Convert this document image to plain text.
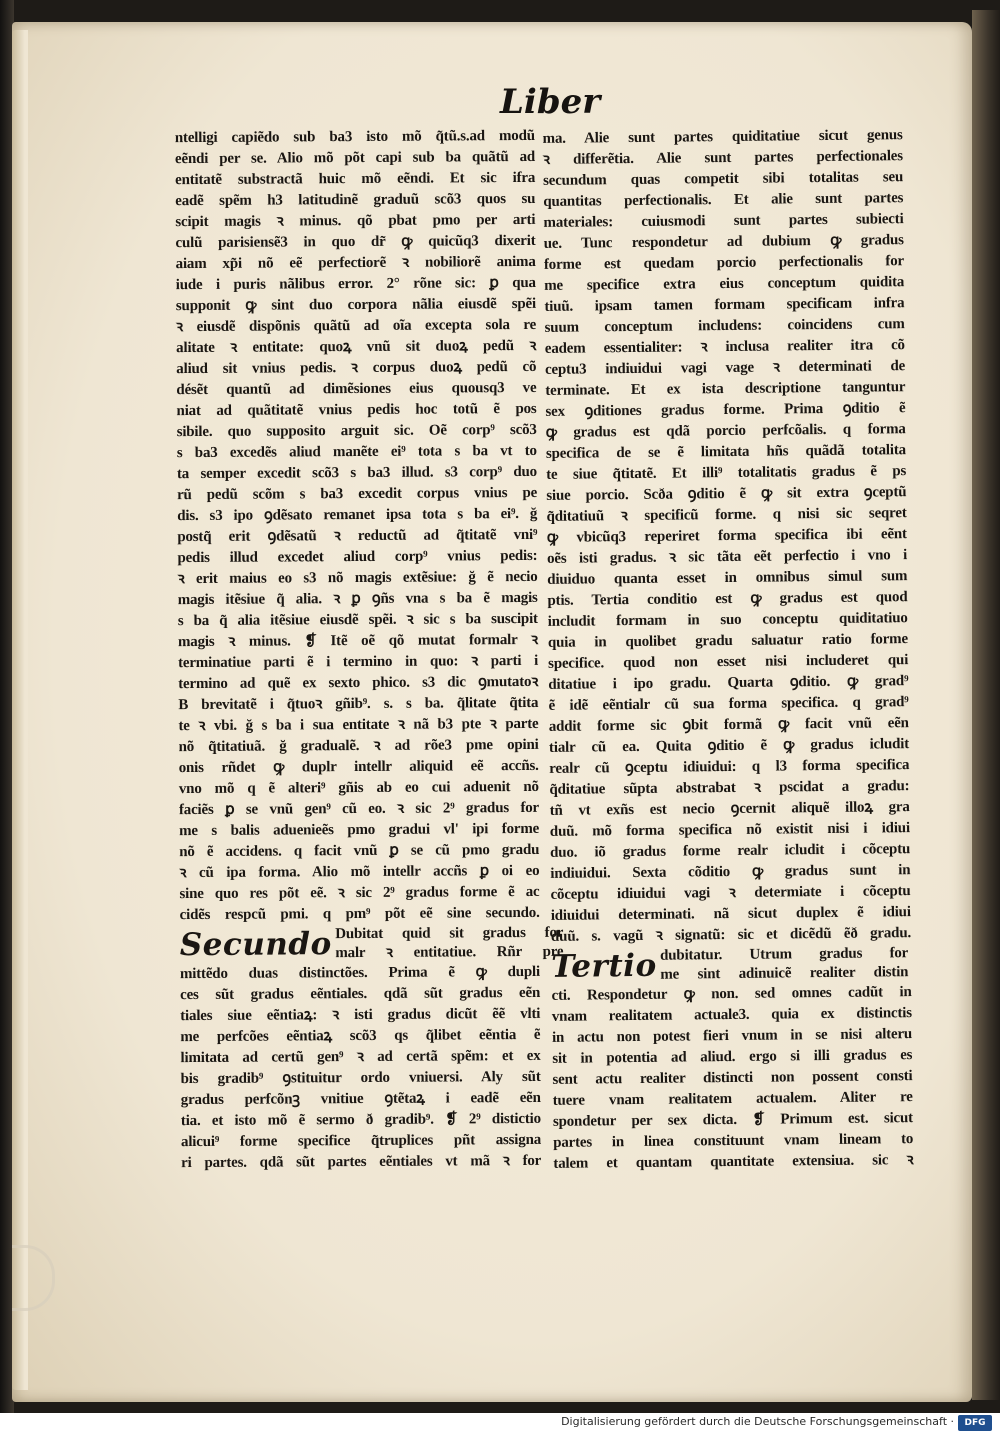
Liber
ntelligi capiẽdo sub ba3 isto mõ q̃tũ.s.ad modũ
eẽndi per se. Alio mõ põt capi sub ba quãtũ ad
entitatẽ substractã huic mõ eẽndi. Et sic ifra
eadẽ spẽm h3 latitudinẽ graduũ scõ3 quos su
scipit magis ꝛ minus. qõ pbat pmo per arti
culũ parisiensẽ3 in quo dr̃ ꝙ quicũq3 dixerit
aiam xp̃i nõ eẽ perfectiorẽ ꝛ nobiliorẽ anima
iude i puris nãlibus error. 2° rõne sic: ꝑ qua
supponit ꝙ sint duo corpora nãlia eiusdẽ spẽi
ꝛ eiusdẽ dispõnis quãtũ ad oĩa excepta sola re
alitate ꝛ entitate: quoꝝ vnũ sit duoꝝ pedũ ꝛ
aliud sit vnius pedis. ꝛ corpus duoꝝ pedũ cõ
désẽt quantũ ad dimẽsiones eius quousq3 ve
niat ad quãtitatẽ vnius pedis hoc totũ ẽ pos
sibile. quo supposito arguit sic. Oẽ corp⁹ scõ3
s ba3 excedẽs aliud manẽte ei⁹ tota s ba vt to
ta semper excedit scõ3 s ba3 illud. s3 corp⁹ duo
rũ pedũ scõm s ba3 excedit corpus vnius pe
dis. s3 ipo ꝯdẽsato remanet ipsa tota s ba ei⁹. ğ
postq̃ erit ꝯdẽsatũ ꝛ reductũ ad q̃titatẽ vni⁹
pedis illud excedet aliud corp⁹ vnius pedis:
ꝛ erit maius eo s3 nõ magis extẽsiue: ğ ẽ necio
magis itẽsiue q̃ alia. ꝛ ꝑ ꝯñs vna s ba ẽ magis
s ba q̃ alia itẽsiue eiusdẽ spẽi. ꝛ sic s ba suscipit
magis ꝛ minus. ❡ Itẽ oẽ qõ mutat formalr ꝛ
terminatiue parti ẽ i termino in quo: ꝛ parti i
termino ad quẽ ex sexto phico. s3 dic ꝯmutatoꝛ
B brevitatẽ i q̃tuoꝛ gñib⁹. s. s ba. q̃litate q̃tita
te ꝛ vbi. ğ s ba i sua entitate ꝛ nã b3 pte ꝛ parte
nõ q̃titatiuã. ğ gradualẽ. ꝛ ad rõe3 pme opini
onis rñdet ꝙ duplr intellr aliquid eẽ accñs.
vno mõ q ẽ alteri⁹ gñis ab eo cui aduenit nõ
faciẽs ꝑ se vnũ gen⁹ cũ eo. ꝛ sic 2⁹ gradus for
me s balis aduenieẽs pmo gradui vl' ipi forme
nõ ẽ accidens. q facit vnũ ꝑ se cũ pmo gradu
ꝛ cũ ipa forma. Alio mõ intellr accñs ꝑ oi eo
sine quo res põt eẽ. ꝛ sic 2⁹ gradus forme ẽ ac
cidẽs respcũ pmi. q pm⁹ põt eẽ sine secundo.
Secundo Dubitat quid sit gradus for
malr ꝛ entitatiue. Rñr pre
mittẽdo duas distinctões. Prima ẽ ꝙ dupli
ces sũt gradus eẽntiales. qdã sũt gradus eẽn
tiales siue eẽntiaꝝ: ꝛ isti gradus dicũt ẽẽ vlti
me perfcões eẽntiaꝝ scõ3 qs q̃libet eẽntia ẽ
limitata ad certũ gen⁹ ꝛ ad certã spẽm: et ex
bis gradib⁹ ꝯstituitur ordo vniuersi. Aly sũt
gradus perfcõnꝫ vnitiue ꝯtẽtaꝝ i eadẽ eẽn
tia. et isto mõ ẽ sermo ð gradib⁹. ❡ 2⁹ distictio
alicui⁹ forme specifice q̃truplices pñt assigna
ri partes. qdã sũt partes eẽntiales vt mã ꝛ for
ma. Alie sunt partes quiditatiue sicut genus
ꝛ differẽtia. Alie sunt partes perfectionales
secundum quas competit sibi totalitas seu
quantitas perfectionalis. Et alie sunt partes
materiales: cuiusmodi sunt partes subiecti
ue. Tunc respondetur ad dubium ꝙ gradus
forme est quedam porcio perfectionalis for
me specifice extra eius conceptum quidita
tiuũ. ipsam tamen formam specificam infra
suum conceptum includens: coincidens cum
eadem essentialiter: ꝛ inclusa realiter itra cõ
ceptu3 indiuidui vagi vage ꝛ determinati de
terminate. Et ex ista descriptione tanguntur
sex ꝯditiones gradus forme. Prima ꝯditio ẽ
ꝙ gradus est qdã porcio perfcõalis. q forma
specifica de se ẽ limitata hñs quãdã totalita
te siue q̃titatẽ. Et illi⁹ totalitatis gradus ẽ ps
siue porcio. Scða ꝯditio ẽ ꝙ sit extra ꝯceptũ
q̃ditatiuũ ꝛ specificũ forme. q nisi sic seqret
ꝙ vbicũq3 reperiret forma specifica ibi eẽnt
oẽs isti gradus. ꝛ sic tãta eẽt perfectio i vno i
diuiduo quanta esset in omnibus simul sum
ptis. Tertia conditio est ꝙ gradus est quod
includit formam in suo conceptu quiditatiuo
quia in quolibet gradu saluatur ratio forme
specifice. quod non esset nisi includeret qui
ditatiue i ipo gradu. Quarta ꝯditio. ꝙ grad⁹
ẽ idẽ eẽntialr cũ sua forma specifica. q grad⁹
addit forme sic ꝯbit formã ꝙ facit vnũ eẽn
tialr cũ ea. Quita ꝯditio ẽ ꝙ gradus icludit
realr cũ ꝯceptu idiuidui: q l3 forma specifica
q̃ditatiue sũpta abstrabat ꝛ pscidat a gradu:
tñ vt exñs est necio ꝯcernit aliquẽ illoꝝ gra
duũ. mõ forma specifica nõ existit nisi i idiui
duo. iõ gradus forme realr icludit i cõceptu
indiuidui. Sexta cõditio ꝙ gradus sunt in
cõceptu idiuidui vagi ꝛ determiate i cõceptu
idiuidui determinati. nã sicut duplex ẽ idiui
duũ. s. vagũ ꝛ signatũ: sic et dicẽdũ ẽð gradu.
Tertio dubitatur. Utrum gradus for
me sint adinuicẽ realiter distin
cti. Respondetur ꝙ non. sed omnes cadũt in
vnam realitatem actuale3. quia ex distinctis
in actu non potest fieri vnum in se nisi alteru
sit in potentia ad aliud. ergo si illi gradus es
sent actu realiter distincti non possent consti
tuere vnam realitatem actualem. Aliter re
spondetur per sex dicta. ❡ Primum est. sicut
partes in linea constituunt vnam lineam to
talem et quantam quantitate extensiua. sic ꝛ
Digitalisierung gefördert durch die Deutsche Forschungsgemeinschaft ·	DFG
